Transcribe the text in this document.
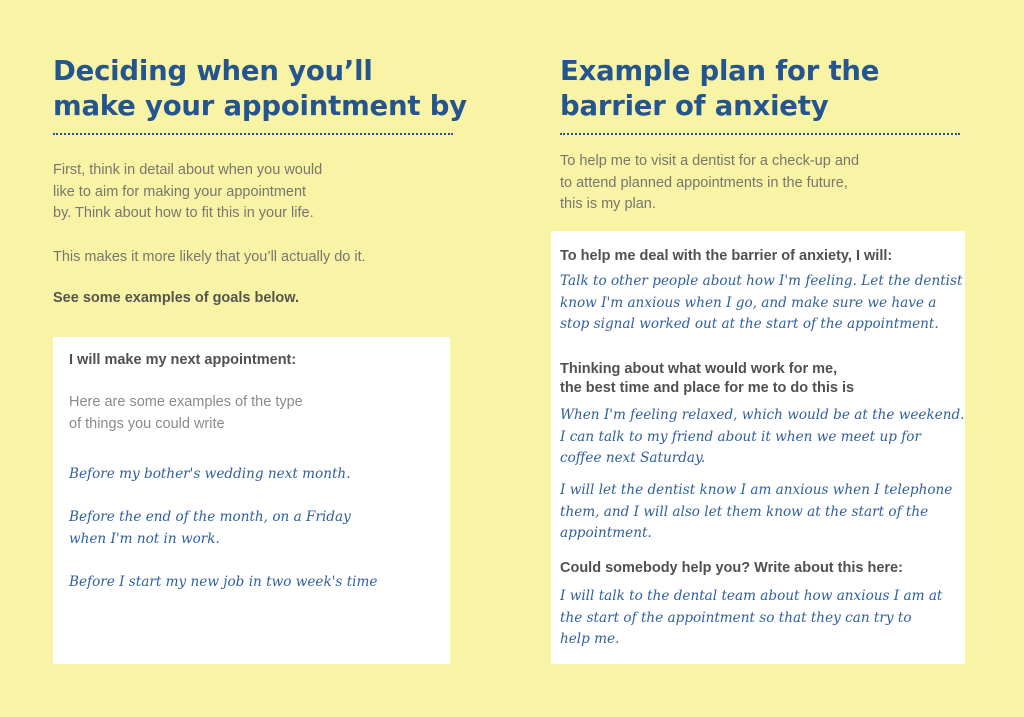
Deciding when you’ll
make your appointment by

First, think in detail about when you would
like to aim for making your appointment
by. Think about how to fit this in your life.

This makes it more likely that you’ll actually do it.

See some examples of goals below.

I will make my next appointment:

Here are some examples of the type
of things you could write

Before my bother's wedding next month.

Before the end of the month, on a Friday
when I'm not in work.

Before I start my new job in two week's time

Example plan for the
barrier of anxiety

To help me to visit a dentist for a check-up and
to attend planned appointments in the future,
this is my plan.

To help me deal with the barrier of anxiety, I will:

Talk to other people about how I'm feeling. Let the dentist
know I'm anxious when I go, and make sure we have a
stop signal worked out at the start of the appointment.

Thinking about what would work for me,
the best time and place for me to do this is

When I'm feeling relaxed, which would be at the weekend.
I can talk to my friend about it when we meet up for
coffee next Saturday.

I will let the dentist know I am anxious when I telephone
them, and I will also let them know at the start of the
appointment.

Could somebody help you? Write about this here:

I will talk to the dental team about how anxious I am at
the start of the appointment so that they can try to
help me.
